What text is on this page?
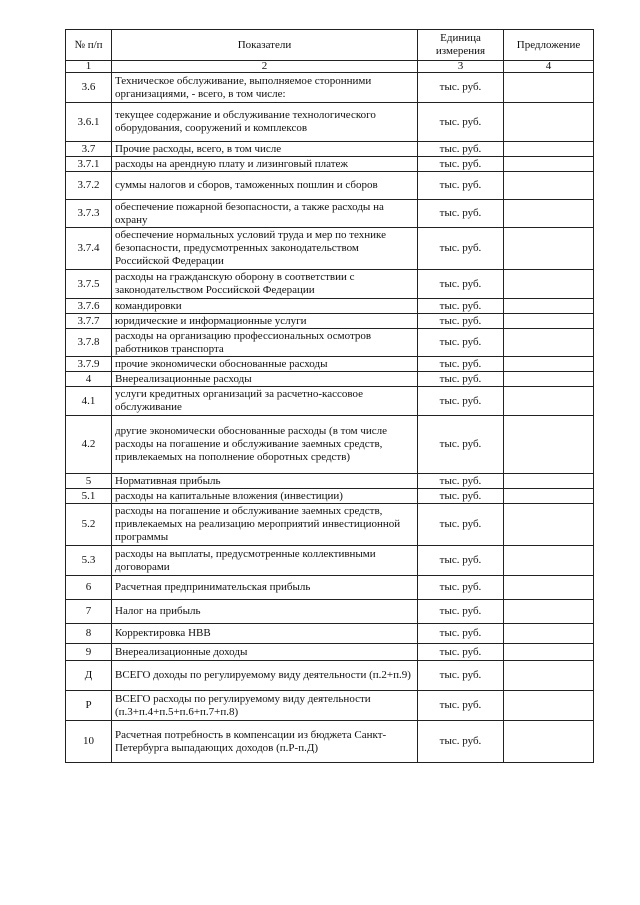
№ п/п	Показатели	Единица измерения	Предложение
1	2	3	4
3.6	Техническое обслуживание, выполняемое сторонними организациями, - всего, в том числе:	тыс. руб.	
3.6.1	текущее содержание и обслуживание технологического оборудования, сооружений и комплексов	тыс. руб.	
3.7	Прочие расходы, всего, в том числе	тыс. руб.	
3.7.1	расходы на арендную плату и лизинговый платеж	тыс. руб.	
3.7.2	суммы налогов и сборов, таможенных пошлин и сборов	тыс. руб.	
3.7.3	обеспечение пожарной безопасности, а также расходы на охрану	тыс. руб.	
3.7.4	обеспечение нормальных условий труда и мер по технике безопасности, предусмотренных законодательством Российской Федерации	тыс. руб.	
3.7.5	расходы на гражданскую оборону в соответствии с законодательством Российской Федерации	тыс. руб.	
3.7.6	командировки	тыс. руб.	
3.7.7	юридические и информационные услуги	тыс. руб.	
3.7.8	расходы на организацию профессиональных осмотров работников транспорта	тыс. руб.	
3.7.9	прочие экономически обоснованные расходы	тыс. руб.	
4	Внереализационные расходы	тыс. руб.	
4.1	услуги кредитных организаций за расчетно-кассовое обслуживание	тыс. руб.	
4.2	другие экономически обоснованные расходы (в том числе расходы на погашение и обслуживание заемных средств, привлекаемых на пополнение оборотных средств)	тыс. руб.	
5	Нормативная прибыль	тыс. руб.	
5.1	расходы на капитальные вложения (инвестиции)	тыс. руб.	
5.2	расходы на погашение и обслуживание заемных средств, привлекаемых на реализацию мероприятий инвестиционной программы	тыс. руб.	
5.3	расходы на выплаты, предусмотренные коллективными договорами	тыс. руб.	
6	Расчетная предпринимательская прибыль	тыс. руб.	
7	Налог на прибыль	тыс. руб.	
8	Корректировка НВВ	тыс. руб.	
9	Внереализационные доходы	тыс. руб.	
Д	ВСЕГО доходы по регулируемому виду деятельности (п.2+п.9)	тыс. руб.	
Р	ВСЕГО расходы по регулируемому виду деятельности (п.3+п.4+п.5+п.6+п.7+п.8)	тыс. руб.	
10	Расчетная потребность в компенсации из бюджета Санкт-Петербурга выпадающих доходов (п.Р-п.Д)	тыс. руб.	
